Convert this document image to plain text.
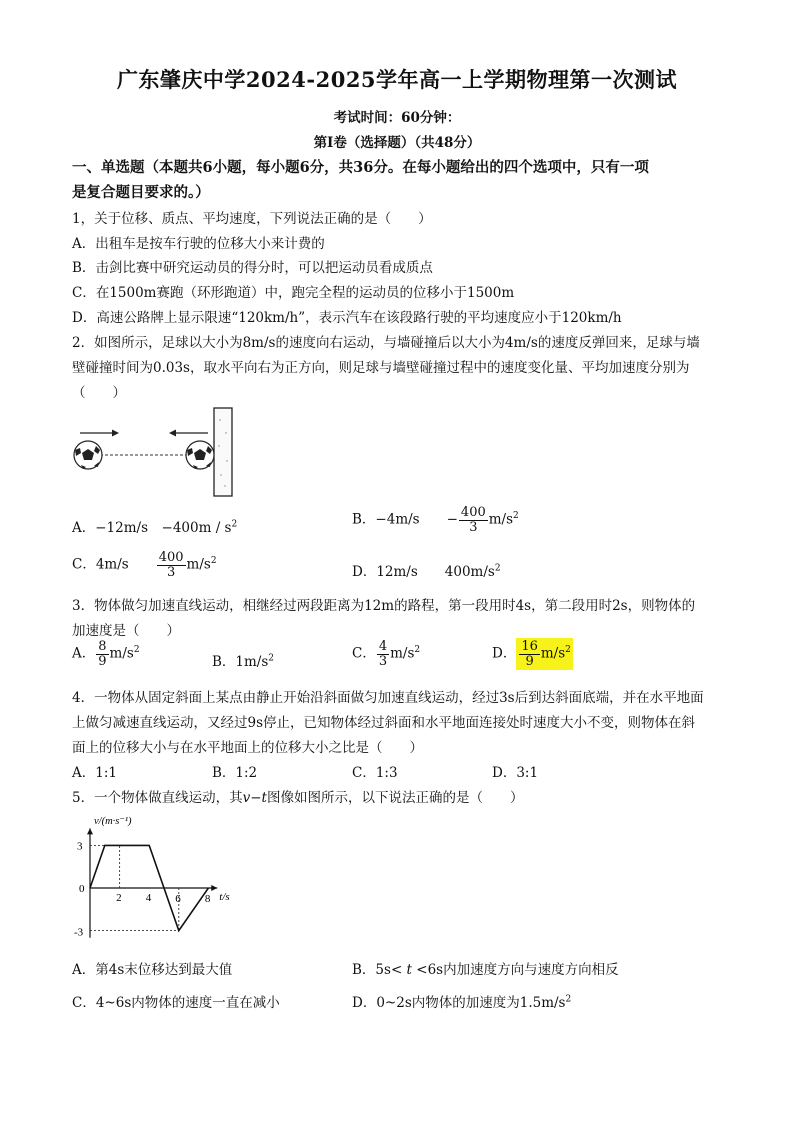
广东肇庆中学2024-2025学年高一上学期物理第一次测试
考试时间：60分钟：
第Ⅰ卷（选择题）（共48分）
一、单选题（本题共6小题，每小题6分，共36分。在每小题给出的四个选项中，只有一项
是复合题目要求的。）
1，关于位移、质点、平均速度，下列说法正确的是（　　）
A．出租车是按车行驶的位移大小来计费的
B．击剑比赛中研究运动员的得分时，可以把运动员看成质点
C．在1500m赛跑（环形跑道）中，跑完全程的运动员的位移小于1500m
D．高速公路牌上显示限速“120km/h”，表示汽车在该段路行驶的平均速度应小于120km/h
2．如图所示，足球以大小为8m/s的速度向右运动，与墙碰撞后以大小为4m/s的速度反弹回来，足球与墙
壁碰撞时间为0.03s，取水平向右为正方向，则足球与墙壁碰撞过程中的速度变化量、平均加速度分别为
（　　）
A．−12m/s　$-400m / s^2$	B．−4m/s　　− $\frac{400}{3} m/s^2$
C．4m/s　　 $\frac{400}{3} m/s^2$
D．12m/s　　$400m/s^2$
3．物体做匀加速直线运动，相继经过两段距离为12m的路程，第一段用时4s，第二段用时2s，则物体的
加速度是（　　）
A． $\frac{8}{9} m/s^2$
B．$1m/s^2$	C． $\frac{4}{3} m/s^2$	D． $\frac{16}{9} m/s^2$
4．一物体从固定斜面上某点由静止开始沿斜面做匀加速直线运动，经过3s后到达斜面底端，并在水平地面
上做匀减速直线运动，又经过9s停止，已知物体经过斜面和水平地面连接处时速度大小不变，则物体在斜
面上的位移大小与在水平地面上的位移大小之比是（　　）
A．1:1	B．1:2	C．1:3	D．3:1
5．一个物体做直线运动，其v−t图像如图所示，以下说法正确的是（　　）
v/(m·s⁻¹)
t/s
0
3
-3
2 4 6 8
A．第4s末位移达到最大值	B．5s< t <6s内加速度方向与速度方向相反
C．4~6s内物体的速度一直在减小	D．0~2s内物体的加速度为$1.5m/s^2$
